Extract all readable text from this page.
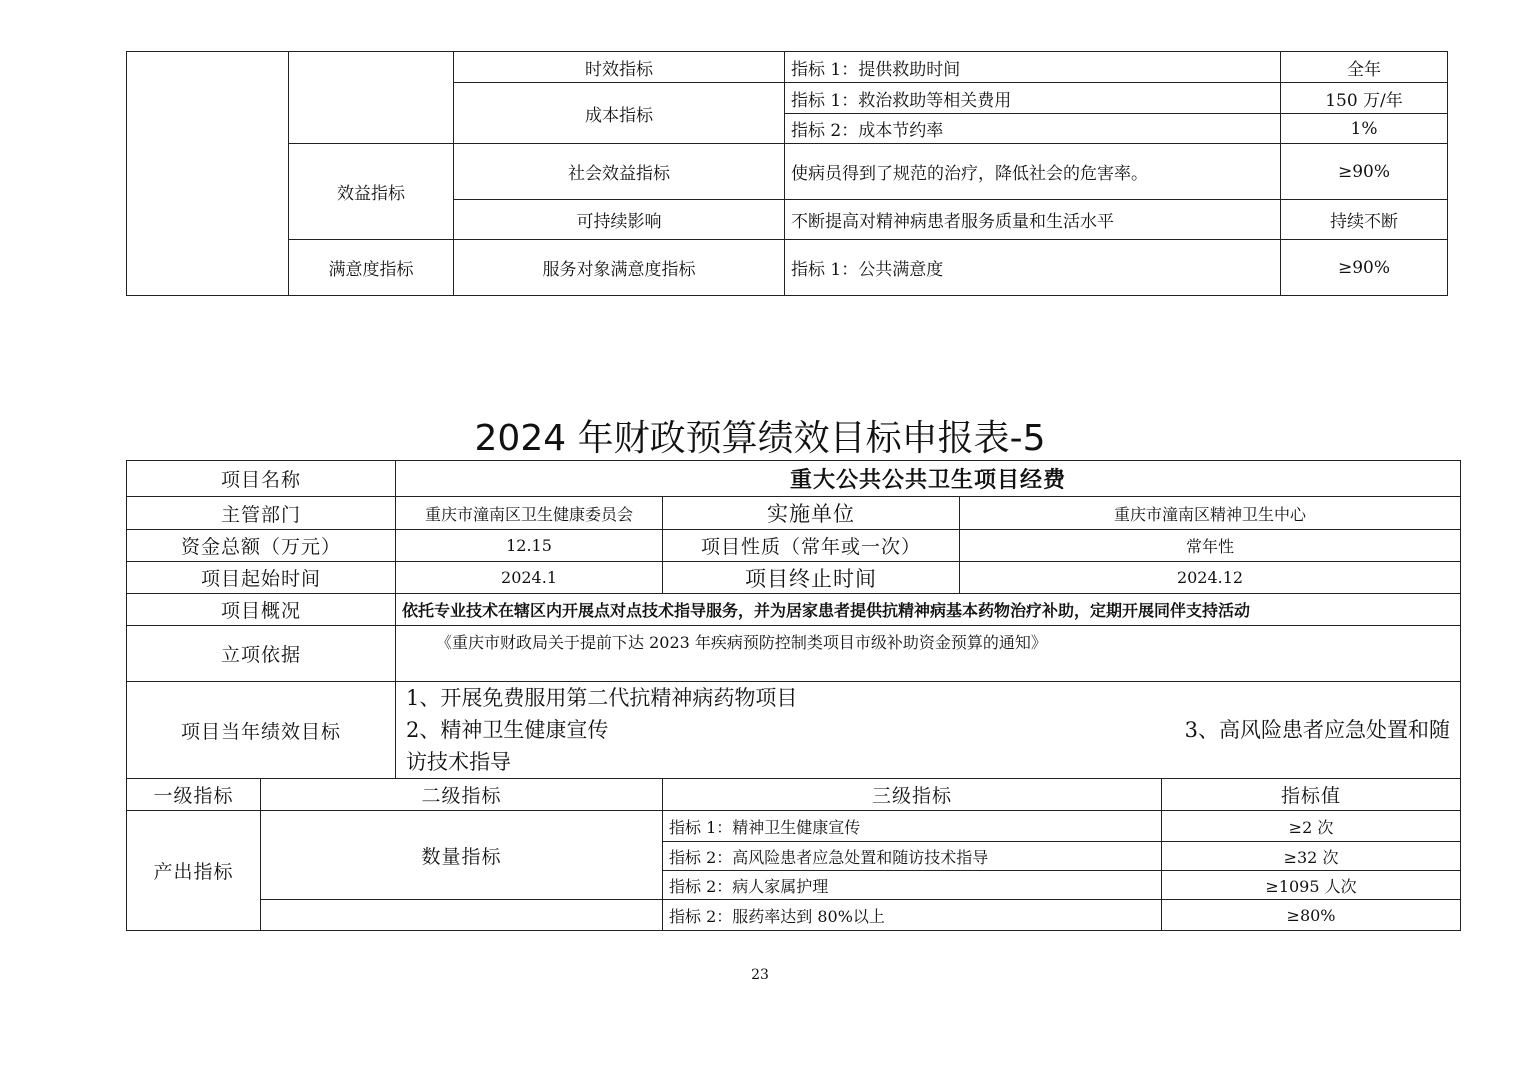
		时效指标	指标 1：提供救助时间	全年
		成本指标	指标 1：救治救助等相关费用	150 万/年
			指标 2：成本节约率	1%
	效益指标	社会效益指标	使病员得到了规范的治疗，降低社会的危害率。	≥90%
		可持续影响	不断提高对精神病患者服务质量和生活水平	持续不断
	满意度指标	服务对象满意度指标	指标 1：公共满意度	≥90%
2024 年财政预算绩效目标申报表-5
项目名称		重大公共公共卫生项目经费			
主管部门		重庆市潼南区卫生健康委员会	实施单位	重庆市潼南区精神卫生中心	
资金总额（万元）		12.15	项目性质（常年或一次）	常年性	
项目起始时间		2024.1	项目终止时间	2024.12	
项目概况		依托专业技术在辖区内开展点对点技术指导服务，并为居家患者提供抗精神病基本药物治疗补助，定期开展同伴支持活动			
立项依据		《重庆市财政局关于提前下达 2023 年疾病预防控制类项目市级补助资金预算的通知》			
项目当年绩效目标		1、开展免费服用第二代抗精神病药物项目
2、精神卫生健康宣传 3、高风险患者应急处置和随
访技术指导			

一级指标	二级指标		三级指标		指标值
产出指标	数量指标		指标 1：精神卫生健康宣传		≥2 次
			指标 2：高风险患者应急处置和随访技术指导		≥32 次
			指标 2：病人家属护理		≥1095 人次
			指标 2：服药率达到 80%以上		≥80%
23
